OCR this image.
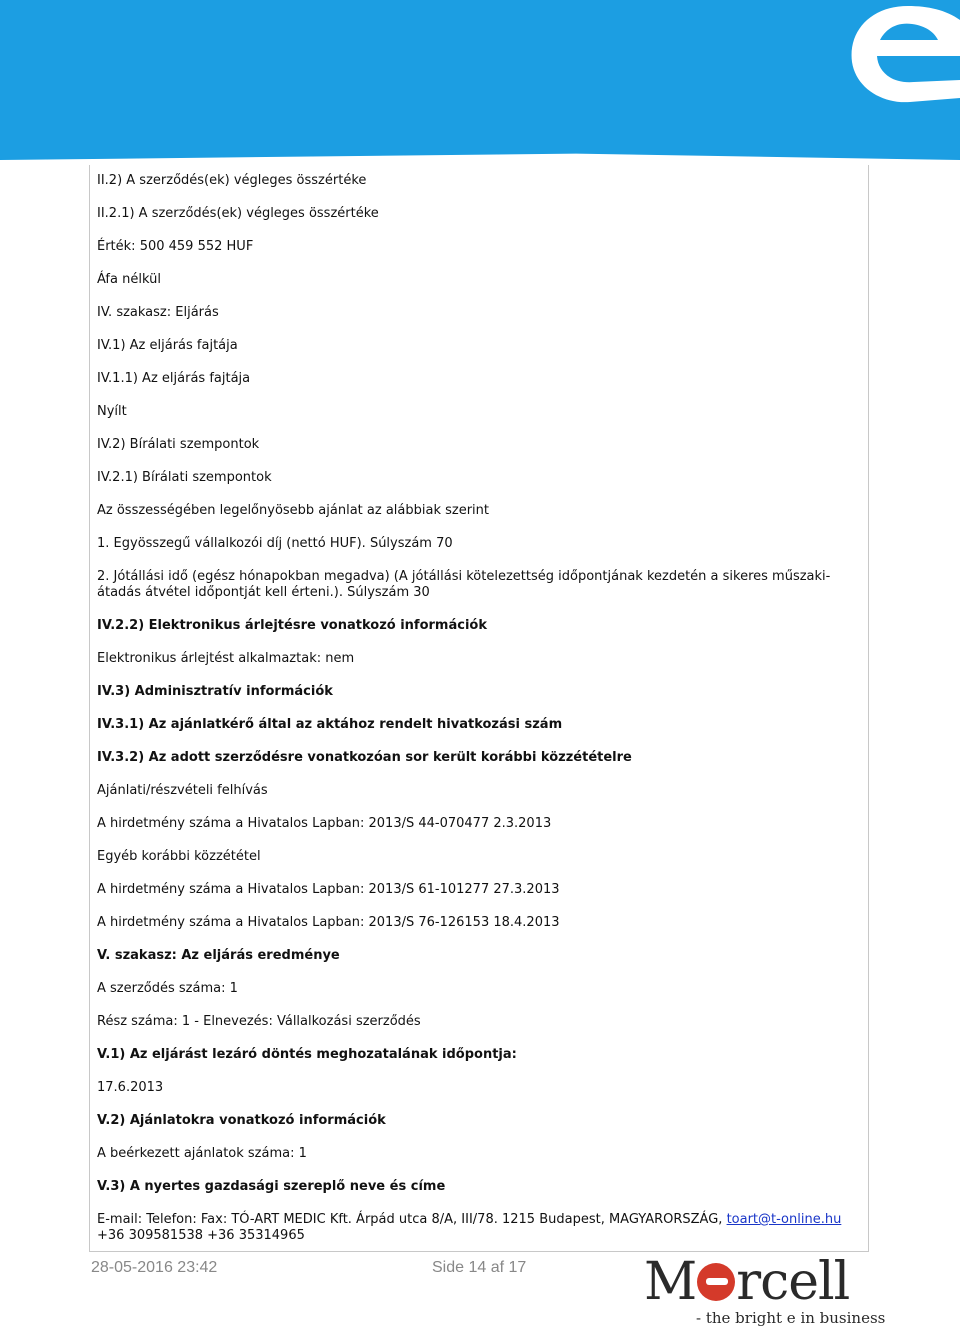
II.2) A szerződés(ek) végleges összértéke
II.2.1) A szerződés(ek) végleges összértéke
Érték: 500 459 552 HUF
Áfa nélkül
IV. szakasz: Eljárás
IV.1) Az eljárás fajtája
IV.1.1) Az eljárás fajtája
Nyílt
IV.2) Bírálati szempontok
IV.2.1) Bírálati szempontok
Az összességében legelőnyösebb ajánlat az alábbiak szerint
1. Egyösszegű vállalkozói díj (nettó HUF). Súlyszám 70
2. Jótállási idő (egész hónapokban megadva) (A jótállási kötelezettség időpontjának kezdetén a sikeres műszaki-átadás átvétel időpontját kell érteni.). Súlyszám 30
IV.2.2) Elektronikus árlejtésre vonatkozó információk
Elektronikus árlejtést alkalmaztak: nem
IV.3) Adminisztratív információk
IV.3.1) Az ajánlatkérő által az aktához rendelt hivatkozási szám
IV.3.2) Az adott szerződésre vonatkozóan sor került korábbi közzétételre
Ajánlati/részvételi felhívás
A hirdetmény száma a Hivatalos Lapban: 2013/S 44-070477 2.3.2013
Egyéb korábbi közzététel
A hirdetmény száma a Hivatalos Lapban: 2013/S 61-101277 27.3.2013
A hirdetmény száma a Hivatalos Lapban: 2013/S 76-126153 18.4.2013
V. szakasz: Az eljárás eredménye
A szerződés száma: 1
Rész száma: 1 - Elnevezés: Vállalkozási szerződés
V.1) Az eljárást lezáró döntés meghozatalának időpontja:
17.6.2013
V.2) Ajánlatokra vonatkozó információk
A beérkezett ajánlatok száma: 1
V.3) A nyertes gazdasági szereplő neve és címe
E-mail: Telefon: Fax: TÓ-ART MEDIC Kft. Árpád utca 8/A, III/78. 1215 Budapest, MAGYARORSZÁG, toart@t-online.hu +36 309581538 +36 35314965
28-05-2016 23:42	Side 14 af 17 M rcell
- the bright e in business
